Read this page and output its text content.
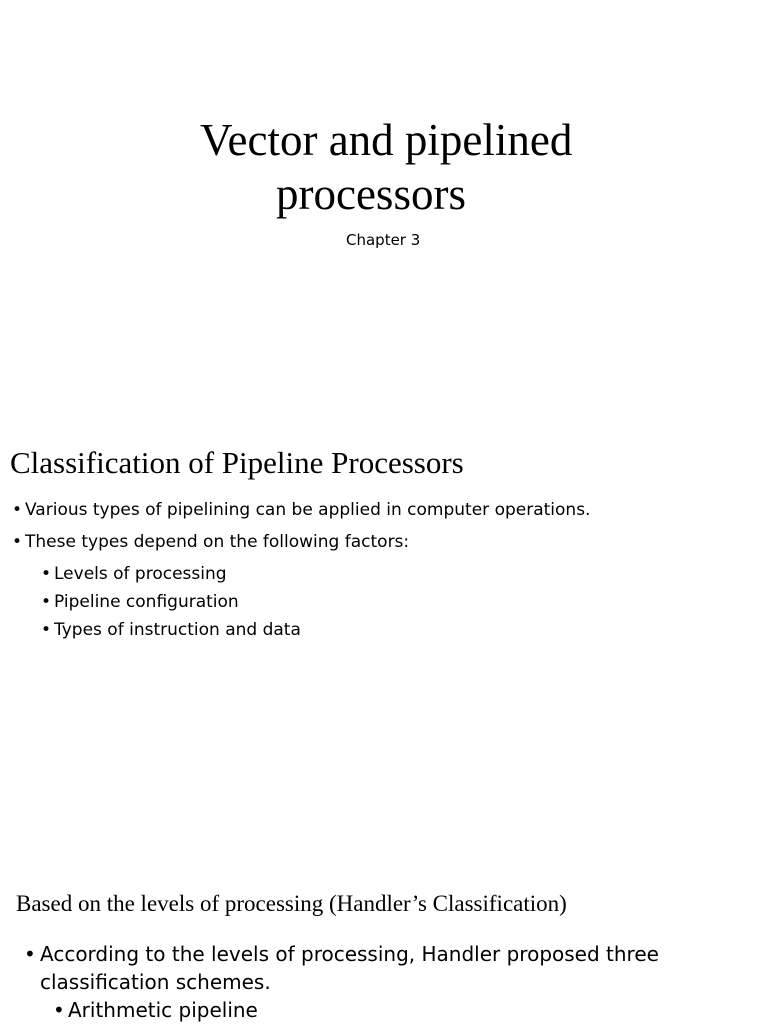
Vector and pipelined
processors
Chapter 3
Classification of Pipeline Processors
• Various types of pipelining can be applied in computer operations.
• These types depend on the following factors:
• Levels of processing
• Pipeline configuration
• Types of instruction and data
Based on the levels of processing (Handler’s Classification)
• According to the levels of processing, Handler proposed three
classification schemes.
• Arithmetic pipeline
